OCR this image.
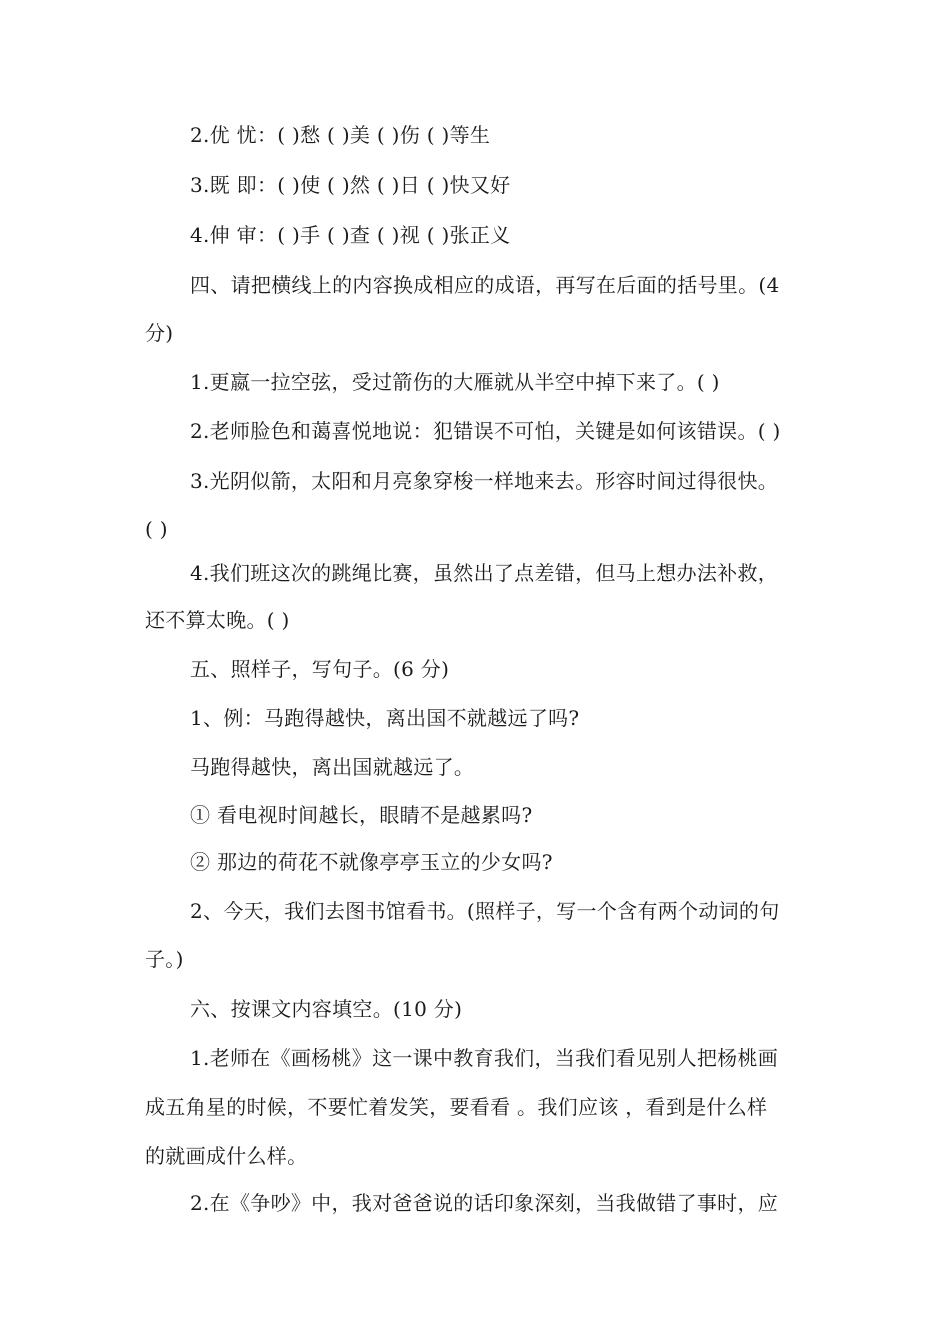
2.优 忧：( )愁 ( )美 ( )伤 ( )等生
3.既 即：( )使 ( )然 ( )日 ( )快又好
4.伸 审：( )手 ( )查 ( )视 ( )张正义
四、请把横线上的内容换成相应的成语，再写在后面的括号里。(4
分)
1.更嬴一拉空弦，受过箭伤的大雁就从半空中掉下来了。( )
2.老师脸色和蔼喜悦地说：犯错误不可怕，关键是如何该错误。( )
3.光阴似箭，太阳和月亮象穿梭一样地来去。形容时间过得很快。
( )
4.我们班这次的跳绳比赛，虽然出了点差错，但马上想办法补救，
还不算太晚。( )
五、照样子，写句子。(6 分)
1、例：马跑得越快，离出国不就越远了吗?
马跑得越快，离出国就越远了。
① 看电视时间越长，眼睛不是越累吗?
② 那边的荷花不就像亭亭玉立的少女吗?
2、今天，我们去图书馆看书。(照样子，写一个含有两个动词的句
子。)
六、按课文内容填空。(10 分)
1.老师在《画杨桃》这一课中教育我们，当我们看见别人把杨桃画
成五角星的时候，不要忙着发笑，要看看 。我们应该 ，看到是什么样
的就画成什么样。
2.在《争吵》中，我对爸爸说的话印象深刻，当我做错了事时，应
